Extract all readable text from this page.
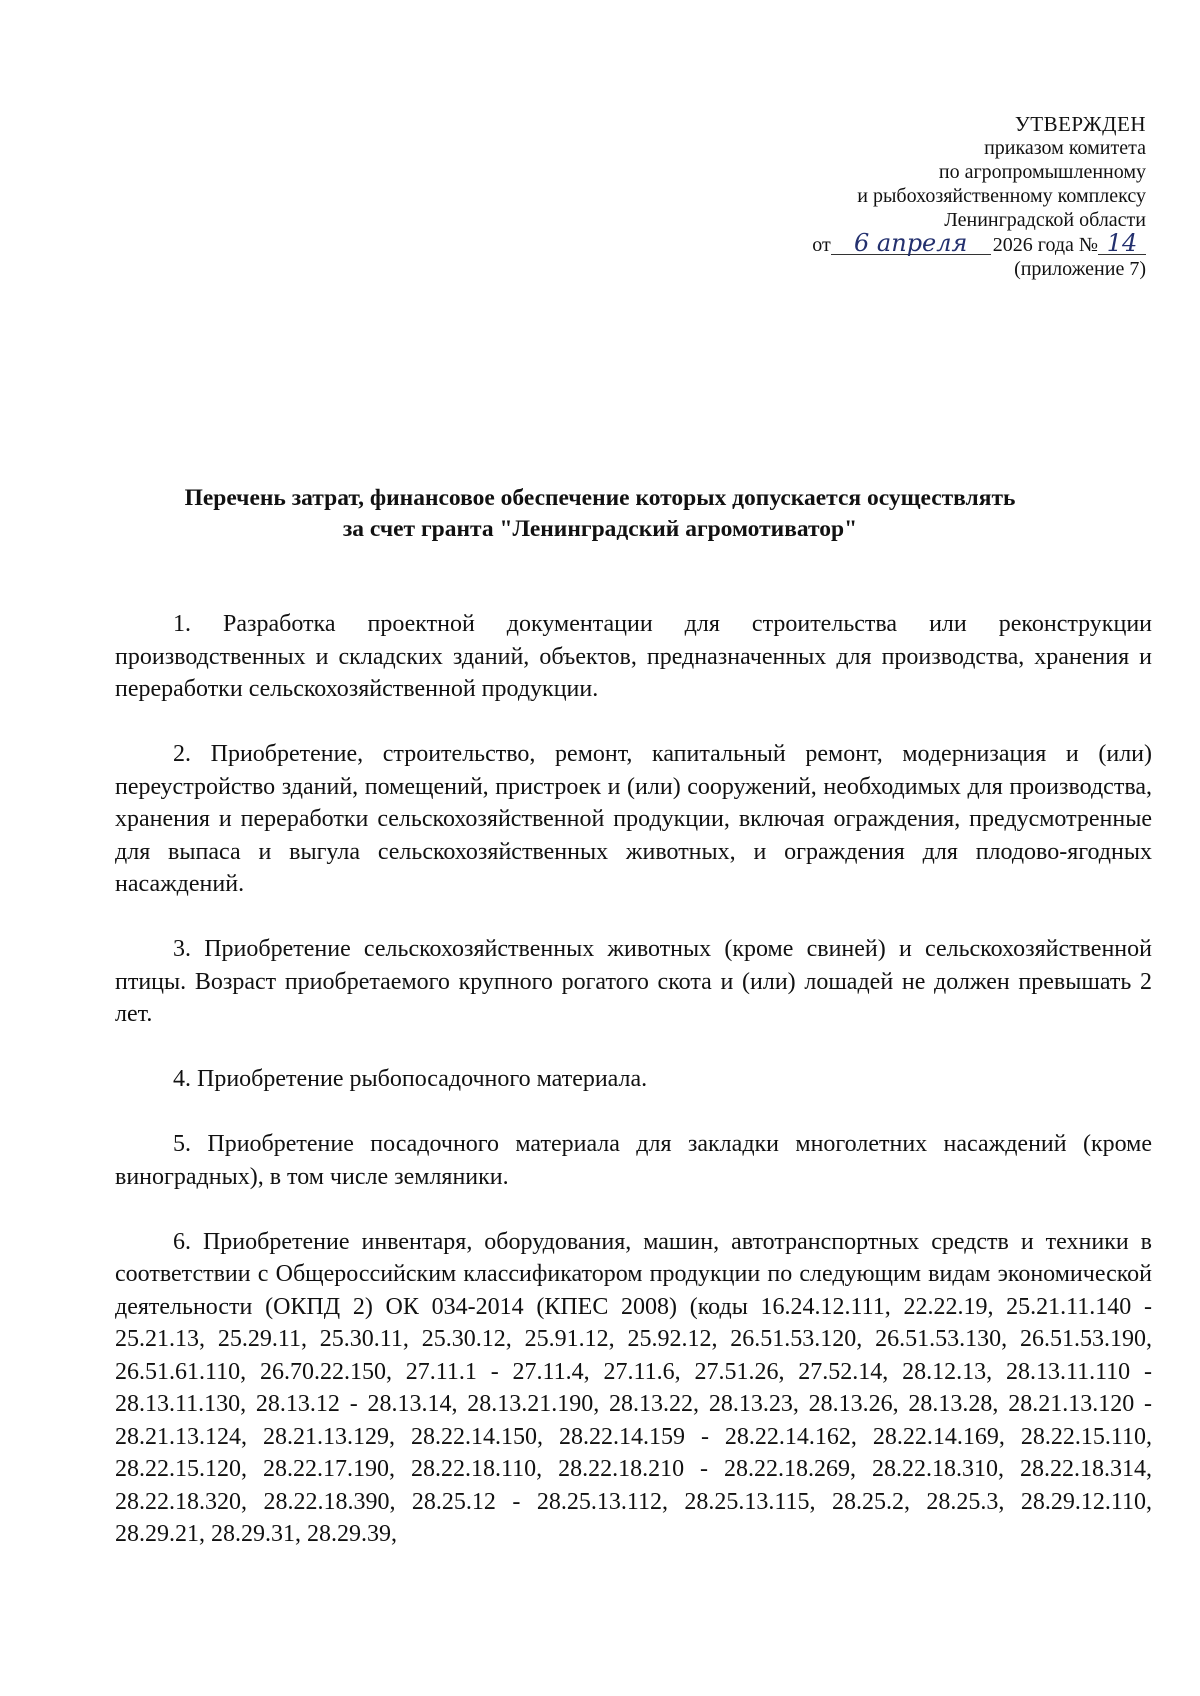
УТВЕРЖДЕН
приказом комитета
по агропромышленному
и рыбохозяйственному комплексу
Ленинградской области
от 6 апреля	2026 года № 14
(приложение 7)
Перечень затрат, финансовое обеспечение которых допускается осуществлять
за счет гранта "Ленинградский агромотиватор"

1. Разработка проектной документации для строительства или реконструкции производственных и складских зданий, объектов, предназначенных для производства, хранения и переработки сельскохозяйственной продукции.

2. Приобретение, строительство, ремонт, капитальный ремонт, модернизация и (или) переустройство зданий, помещений, пристроек и (или) сооружений, необходимых для производства, хранения и переработки сельскохозяйственной продукции, включая ограждения, предусмотренные для выпаса и выгула сельскохозяйственных животных, и ограждения для плодово-ягодных насаждений.

3. Приобретение сельскохозяйственных животных (кроме свиней) и сельскохозяйственной птицы. Возраст приобретаемого крупного рогатого скота и (или) лошадей не должен превышать 2 лет.

4. Приобретение рыбопосадочного материала.

5. Приобретение посадочного материала для закладки многолетних насаждений (кроме виноградных), в том числе земляники.

6. Приобретение инвентаря, оборудования, машин, автотранспортных средств и техники в соответствии с Общероссийским классификатором продукции по следующим видам экономической деятельности (ОКПД 2) ОК 034-2014 (КПЕС 2008) (коды 16.24.12.111, 22.22.19, 25.21.11.140 - 25.21.13, 25.29.11, 25.30.11, 25.30.12, 25.91.12, 25.92.12, 26.51.53.120, 26.51.53.130, 26.51.53.190, 26.51.61.110, 26.70.22.150, 27.11.1 - 27.11.4, 27.11.6, 27.51.26, 27.52.14, 28.12.13, 28.13.11.110 - 28.13.11.130, 28.13.12 - 28.13.14, 28.13.21.190, 28.13.22, 28.13.23, 28.13.26, 28.13.28, 28.21.13.120 - 28.21.13.124, 28.21.13.129, 28.22.14.150, 28.22.14.159 - 28.22.14.162, 28.22.14.169, 28.22.15.110, 28.22.15.120, 28.22.17.190, 28.22.18.110, 28.22.18.210 - 28.22.18.269, 28.22.18.310, 28.22.18.314, 28.22.18.320, 28.22.18.390, 28.25.12 - 28.25.13.112, 28.25.13.115, 28.25.2, 28.25.3, 28.29.12.110, 28.29.21, 28.29.31, 28.29.39,
